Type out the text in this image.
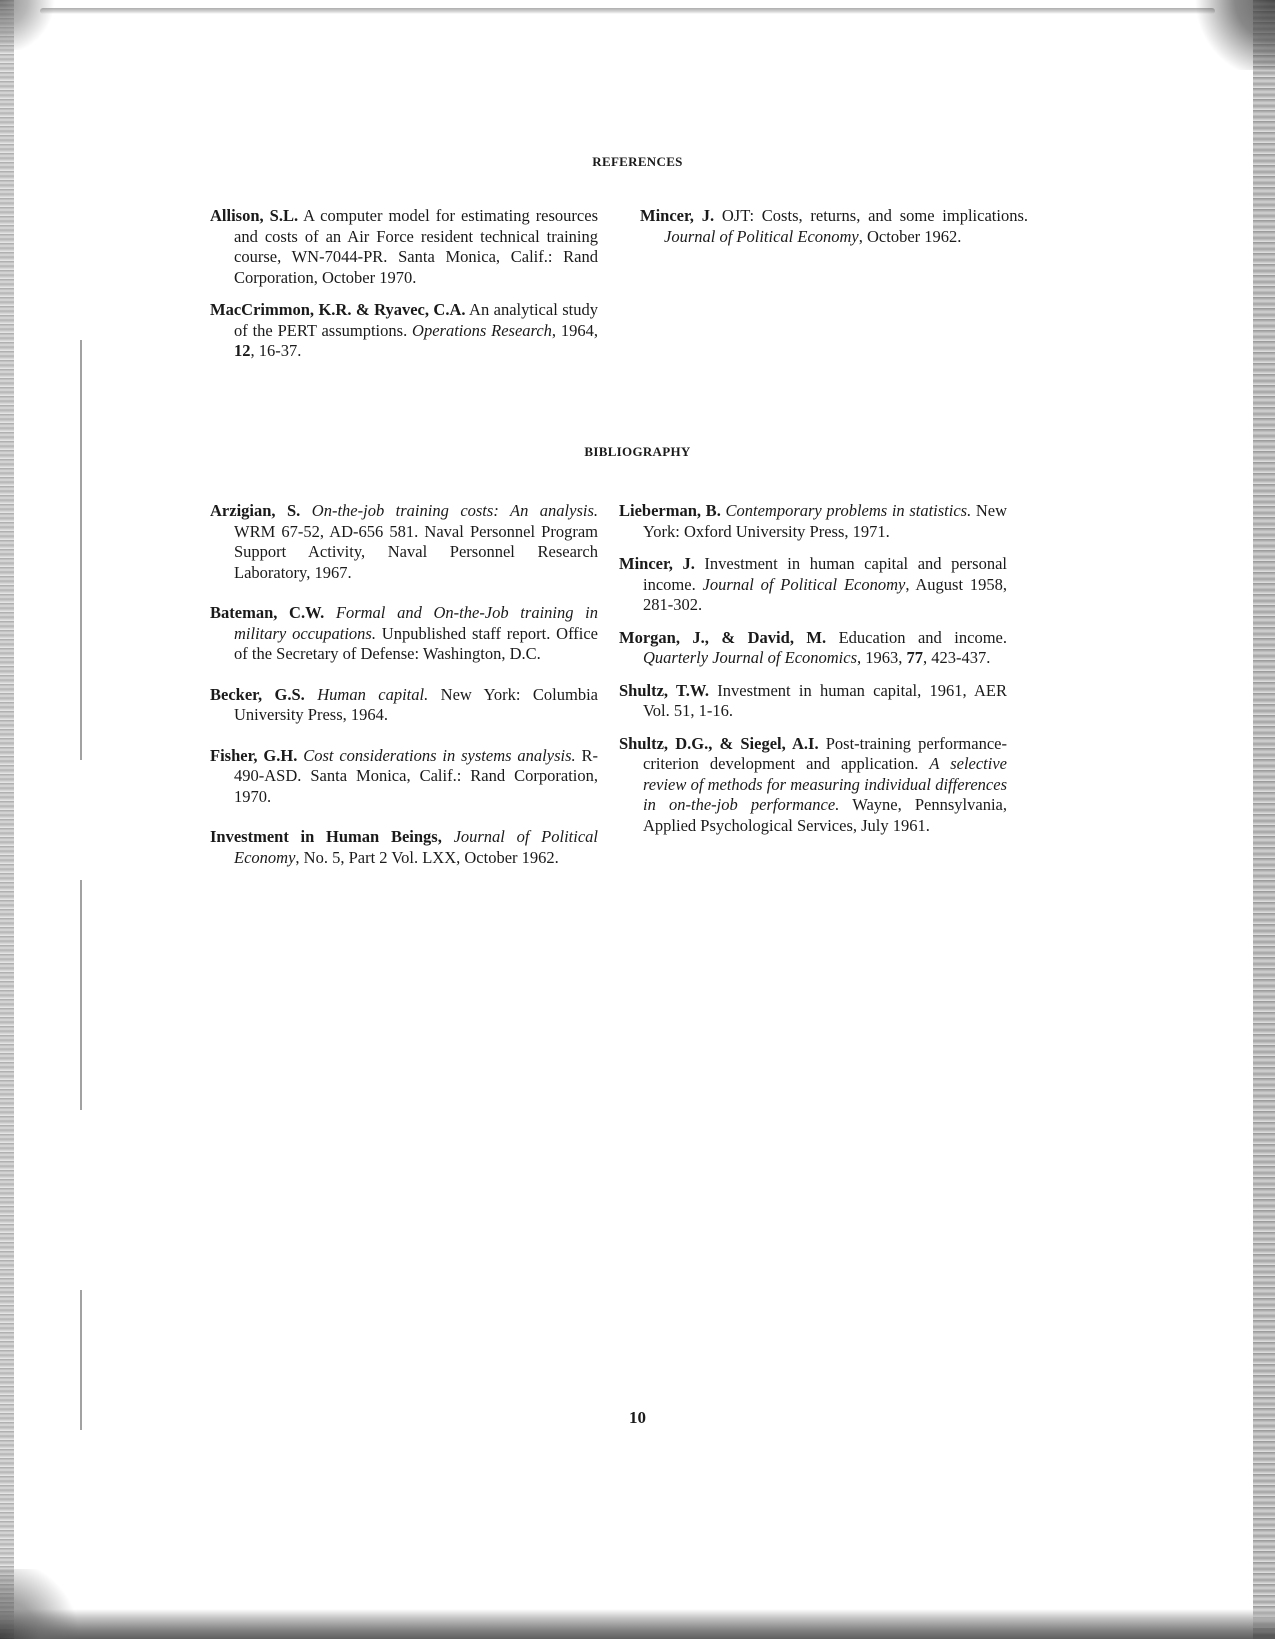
REFERENCES

Allison, S.L. A computer model for estimating resources and costs of an Air Force resident technical training course, WN-7044-PR. Santa Monica, Calif.: Rand Corporation, October 1970.

MacCrimmon, K.R. & Ryavec, C.A. An analytical study of the PERT assumptions. Operations Research, 1964, 12, 16-37.

Mincer, J. OJT: Costs, returns, and some implications. Journal of Political Economy, October 1962.

BIBLIOGRAPHY

Arzigian, S. On-the-job training costs: An analysis. WRM 67-52, AD-656 581. Naval Personnel Program Support Activity, Naval Personnel Research Laboratory, 1967.

Bateman, C.W. Formal and On-the-Job training in military occupations. Unpublished staff report. Office of the Secretary of Defense: Washington, D.C.

Becker, G.S. Human capital. New York: Columbia University Press, 1964.

Fisher, G.H. Cost considerations in systems analysis. R-490-ASD. Santa Monica, Calif.: Rand Corporation, 1970.

Investment in Human Beings, Journal of Political Economy, No. 5, Part 2 Vol. LXX, October 1962.

Lieberman, B. Contemporary problems in statistics. New York: Oxford University Press, 1971.

Mincer, J. Investment in human capital and personal income. Journal of Political Economy, August 1958, 281-302.

Morgan, J., & David, M. Education and income. Quarterly Journal of Economics, 1963, 77, 423-437.

Shultz, T.W. Investment in human capital, 1961, AER Vol. 51, 1-16.

Shultz, D.G., & Siegel, A.I. Post-training performance-criterion development and application. A selective review of methods for measuring individual differences in on-the-job performance. Wayne, Pennsylvania, Applied Psychological Services, July 1961.

10
